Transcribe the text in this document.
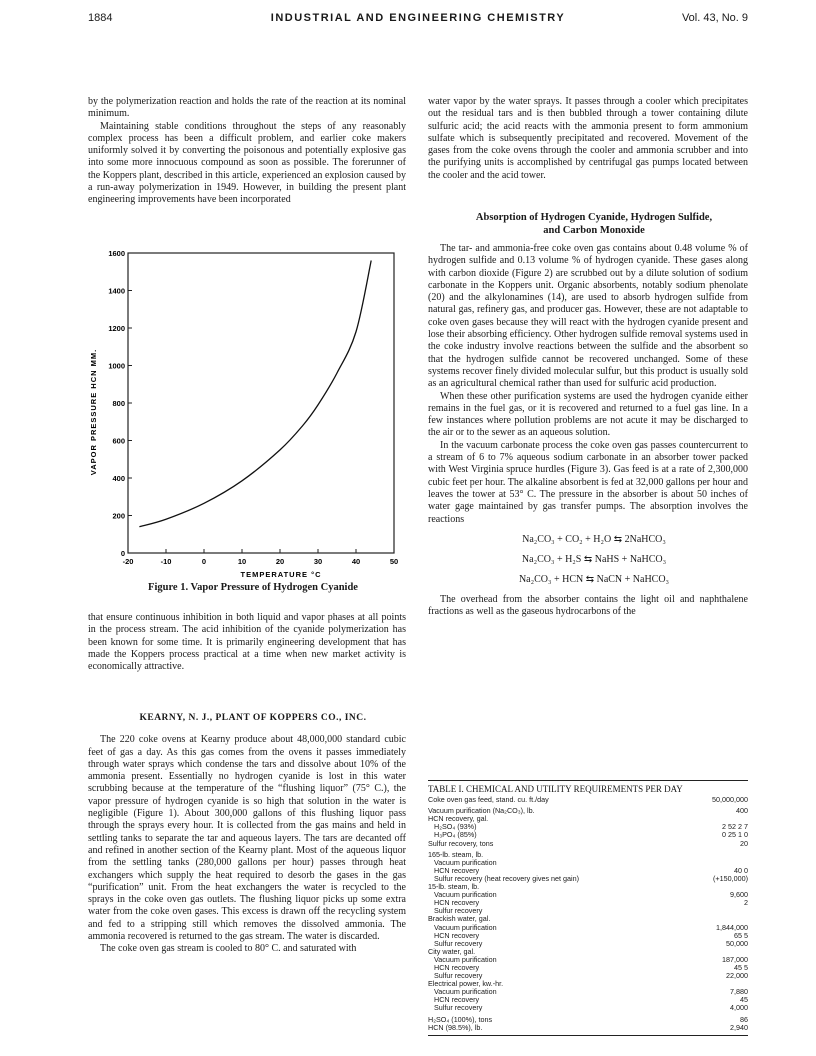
1884	INDUSTRIAL AND ENGINEERING CHEMISTRY	Vol. 43, No. 9

by the polymerization reaction and holds the rate of the reaction at its nominal minimum.

Maintaining stable conditions throughout the steps of any reasonably complex process has been a difficult problem, and earlier coke makers uniformly solved it by converting the poisonous and potentially explosive gas into some more innocuous compound as soon as possible. The forerunner of the Koppers plant, described in this article, experienced an explosion caused by a run-away polymerization in 1949. However, in building the present plant engineering improvements have been incorporated

-20	-10	0	10	20	30	40	50
0
200
400
600
800
1000
1200
1400
1600
VAPOR PRESSURE HCN MM.
TEMPERATURE °C
Figure 1. Vapor Pressure of Hydrogen Cyanide

that ensure continuous inhibition in both liquid and vapor phases at all points in the process stream. The acid inhibition of the cyanide polymerization has been known for some time. It is primarily engineering development that has made the Koppers process practical at a time when new market activity is economically attractive.

KEARNY, N. J., PLANT OF KOPPERS CO., INC.

The 220 coke ovens at Kearny produce about 48,000,000 standard cubic feet of gas a day. As this gas comes from the ovens it passes immediately through water sprays which condense the tars and dissolve about 10% of the ammonia present. Essentially no hydrogen cyanide is lost in this water scrubbing because at the temperature of the “flushing liquor” (75° C.), the vapor pressure of hydrogen cyanide is so high that solution in the water is negligible (Figure 1). About 300,000 gallons of this flushing liquor pass through the sprays every hour. It is collected from the gas mains and held in settling tanks to separate the tar and aqueous layers. The tars are decanted off and refined in another section of the Kearny plant. Most of the aqueous liquor from the settling tanks (280,000 gallons per hour) passes through heat exchangers which supply the heat required to desorb the gases in the gas “purification” unit. From the heat exchangers the water is recycled to the sprays in the coke oven gas outlets. The flushing liquor picks up some extra water from the coke oven gases. This excess is drawn off the recycling system and fed to a stripping still which removes the dissolved ammonia. The ammonia recovered is returned to the gas stream. The water is discarded.

The coke oven gas stream is cooled to 80° C. and saturated with

water vapor by the water sprays. It passes through a cooler which precipitates out the residual tars and is then bubbled through a tower containing dilute sulfuric acid; the acid reacts with the ammonia present to form ammonium sulfate which is subsequently precipitated and recovered. Movement of the gases from the coke ovens through the cooler and ammonia scrubber and into the purifying units is accomplished by centrifugal gas pumps located between the cooler and the acid tower.

Absorption of Hydrogen Cyanide, Hydrogen Sulfide,

and Carbon Monoxide

The tar- and ammonia-free coke oven gas contains about 0.48 volume % of hydrogen sulfide and 0.13 volume % of hydrogen cyanide. These gases along with carbon dioxide (Figure 2) are scrubbed out by a dilute solution of sodium carbonate in the Koppers unit. Organic absorbents, notably sodium phenolate (20) and the alkylonamines (14), are used to absorb hydrogen sulfide from natural gas, refinery gas, and producer gas. However, these are not adaptable to coke oven gases because they will react with the hydrogen cyanide present and lose their absorbing efficiency. Other hydrogen sulfide removal systems used in the coke industry involve reactions between the sulfide and the absorbent so that the hydrogen sulfide cannot be recovered unchanged. Some of these systems recover finely divided molecular sulfur, but this product is usually sold as an agricultural chemical rather than used for sulfuric acid production.

When these other purification systems are used the hydrogen cyanide either remains in the fuel gas, or it is recovered and returned to a fuel gas line. In a few instances where pollution problems are not acute it may be discharged to the air or to the sewer as an aqueous solution.

In the vacuum carbonate process the coke oven gas passes countercurrent to a stream of 6 to 7% aqueous sodium carbonate in an absorber tower packed with West Virginia spruce hurdles (Figure 3). Gas feed is at a rate of 2,300,000 cubic feet per hour. The alkaline absorbent is fed at 32,000 gallons per hour and leaves the tower at 53° C. The pressure in the absorber is about 50 inches of water gage maintained by gas transfer pumps. The absorption involves the reactions

Na₂CO₃ + CO₂ + H₂O ⇆ 2NaHCO₃

Na₂CO₃ + H₂S ⇆ NaHS + NaHCO₃

Na₂CO₃ + HCN ⇆ NaCN + NaHCO₃

The overhead from the absorber contains the light oil and naphthalene fractions as well as the gaseous hydrocarbons of the

TABLE I. CHEMICAL AND UTILITY REQUIREMENTS PER DAY
Coke oven gas feed, stand. cu. ft./day	50,000,000
Vacuum purification (Na₂CO₃), lb.	400
HCN recovery, gal.
H₂SO₄ (93%)	2 52 2 7
H₃PO₄ (85%)	0 25 1 0
Sulfur recovery, tons	20
165-lb. steam, lb.
Vacuum purification
HCN recovery	40 0
Sulfur recovery (heat recovery gives net gain)	(+150,000)
15-lb. steam, lb.
Vacuum purification	9,600
HCN recovery	2
Sulfur recovery
Brackish water, gal.
Vacuum purification	1,844,000
HCN recovery	65 5
Sulfur recovery	50,000
City water, gal.
Vacuum purification	187,000
HCN recovery	45 5
Sulfur recovery	22,000
Electrical power, kw.-hr.
Vacuum purification	7,880
HCN recovery	45
Sulfur recovery	4,000
H₂SO₄ (100%), tons	86
HCN (98.5%), lb.	2,940
